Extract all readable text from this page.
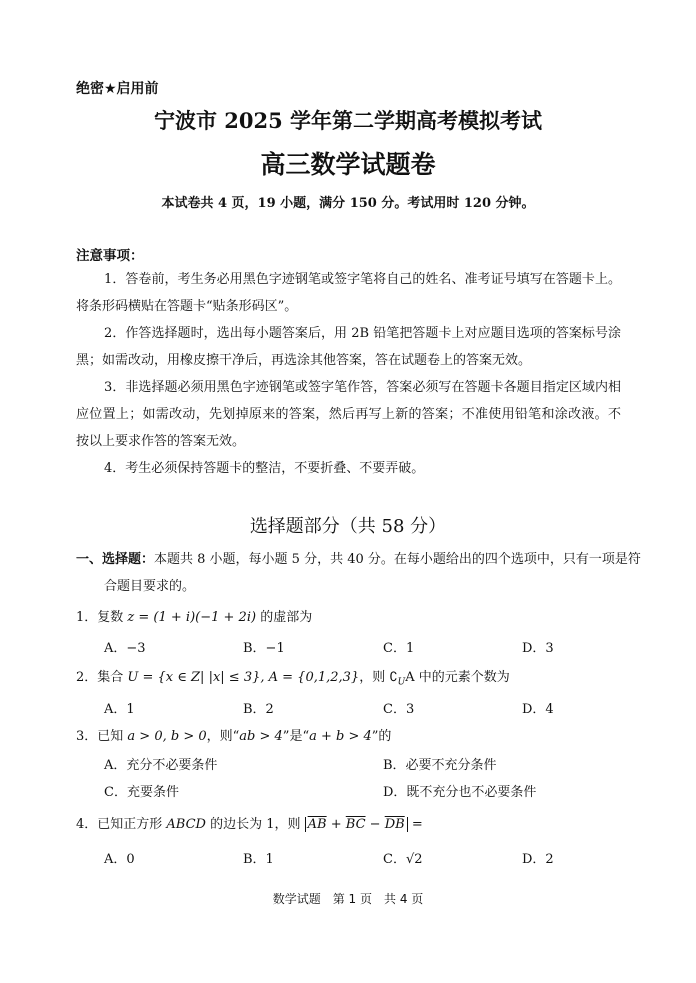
绝密★启用前
宁波市 2025 学年第二学期高考模拟考试
高三数学试题卷
本试卷共 4 页，19 小题，满分 150 分。考试用时 120 分钟。
注意事项：
1．答卷前，考生务必用黑色字迹钢笔或签字笔将自己的姓名、准考证号填写在答题卡上。将条形码横贴在答题卡“贴条形码区”。
2．作答选择题时，选出每小题答案后，用 2B 铅笔把答题卡上对应题目选项的答案标号涂黑；如需改动，用橡皮擦干净后，再选涂其他答案，答在试题卷上的答案无效。
3．非选择题必须用黑色字迹钢笔或签字笔作答，答案必须写在答题卡各题目指定区域内相应位置上；如需改动，先划掉原来的答案，然后再写上新的答案；不准使用铅笔和涂改液。不按以上要求作答的答案无效。
4．考生必须保持答题卡的整洁，不要折叠、不要弄破。
选择题部分（共 58 分）
一、选择题：本题共 8 小题，每小题 5 分，共 40 分。在每小题给出的四个选项中，只有一项是符合题目要求的。
1．复数 z = (1 + i)(−1 + 2i) 的虚部为
A．−3	B．−1	C．1	D．3
2．集合 U = {x ∈ Z| |x| ≤ 3}, A = {0,1,2,3}，则 $∁_UA$ 中的元素个数为
A．1	B．2	C．3	D．4
3．已知 a > 0, b > 0，则“ab > 4”是“a + b > 4”的
A．充分不必要条件	B．必要不充分条件
C．充要条件	D．既不充分也不必要条件
4．已知正方形 ABCD 的边长为 1，则 $\overline{AB} + \overline{BC} - \overline{DB}$ =
A．0	B．1	C．√2	D．2
数学试题　第 1 页　共 4 页
